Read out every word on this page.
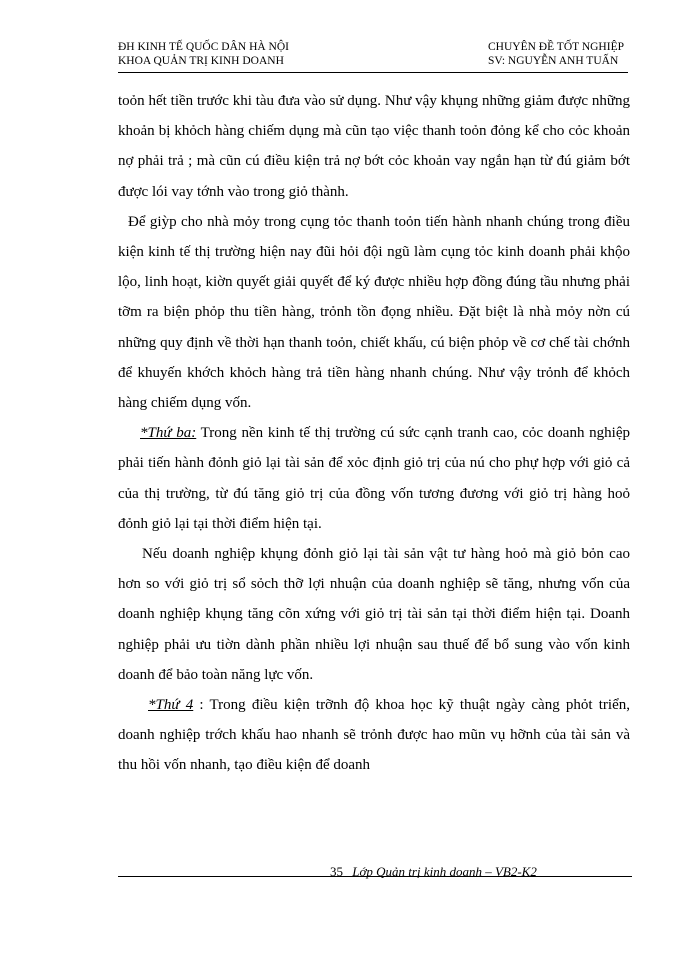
ĐH KINH TẾ QUỐC DÂN HÀ NỘI
KHOA QUẢN TRỊ KINH DOANH
CHUYÊN ĐỀ TỐT NGHIỆP
SV: NGUYỄN ANH TUẤN

toỏn hết tiền trước khi tàu đưa vào sử dụng. Như vậy khụng những giảm được những khoản bị khỏch hàng chiếm dụng mà cũn tạo việc thanh toỏn đỏng kể cho cỏc khoản nợ phải trả ; mà cũn cú điều kiện trả nợ bớt cỏc khoản vay ngắn hạn từ đú giảm bớt được lói vay tớnh vào trong giỏ thành.

Để giỳp cho nhà mỏy trong cụng tỏc thanh toỏn tiến hành nhanh chúng trong điều kiện kinh tế thị trường hiện nay đũi hỏi đội ngũ làm cụng tỏc kinh doanh phải khộo lộo, linh hoạt, kiờn quyết giải quyết để ký được nhiều hợp đồng đúng tầu nhưng phải tỡm ra biện phỏp thu tiền hàng, trỏnh tồn đọng nhiều. Đặt biệt là nhà mỏy nờn cú những quy định về thời hạn thanh toỏn, chiết khấu, cú biện phỏp về cơ chế tài chớnh để khuyến khớch khỏch hàng trả tiền hàng nhanh chúng. Như vậy trỏnh để khỏch hàng chiếm dụng vốn.

*Thứ ba: Trong nền kinh tế thị trường cú sức cạnh tranh cao, cỏc doanh nghiệp phải tiến hành đỏnh giỏ lại tài sản để xỏc định giỏ trị của nú cho phự hợp với giỏ cả của thị trường, từ đú tăng giỏ trị của đồng vốn tương đương với giỏ trị hàng hoỏ đỏnh giỏ lại tại thời điểm hiện tại.

Nếu doanh nghiệp khụng đỏnh giỏ lại tài sản vật tư hàng hoỏ mà giỏ bỏn cao hơn so với giỏ trị sổ sỏch thỡ lợi nhuận của doanh nghiệp sẽ tăng, nhưng vốn của doanh nghiệp khụng tăng cõn xứng với giỏ trị tài sản tại thời điểm hiện tại. Doanh nghiệp phải ưu tiờn dành phần nhiều lợi nhuận sau thuế để bổ sung vào vốn kinh doanh để bảo toàn năng lực vốn.

*Thứ 4 : Trong điều kiện trỡnh độ khoa học kỹ thuật ngày càng phỏt triển, doanh nghiệp trớch khấu hao nhanh sẽ trỏnh được hao mũn vụ hỡnh của tài sản và thu hồi vốn nhanh, tạo điều kiện để doanh

35 Lớp Quản trị kinh doanh – VB2-K2
